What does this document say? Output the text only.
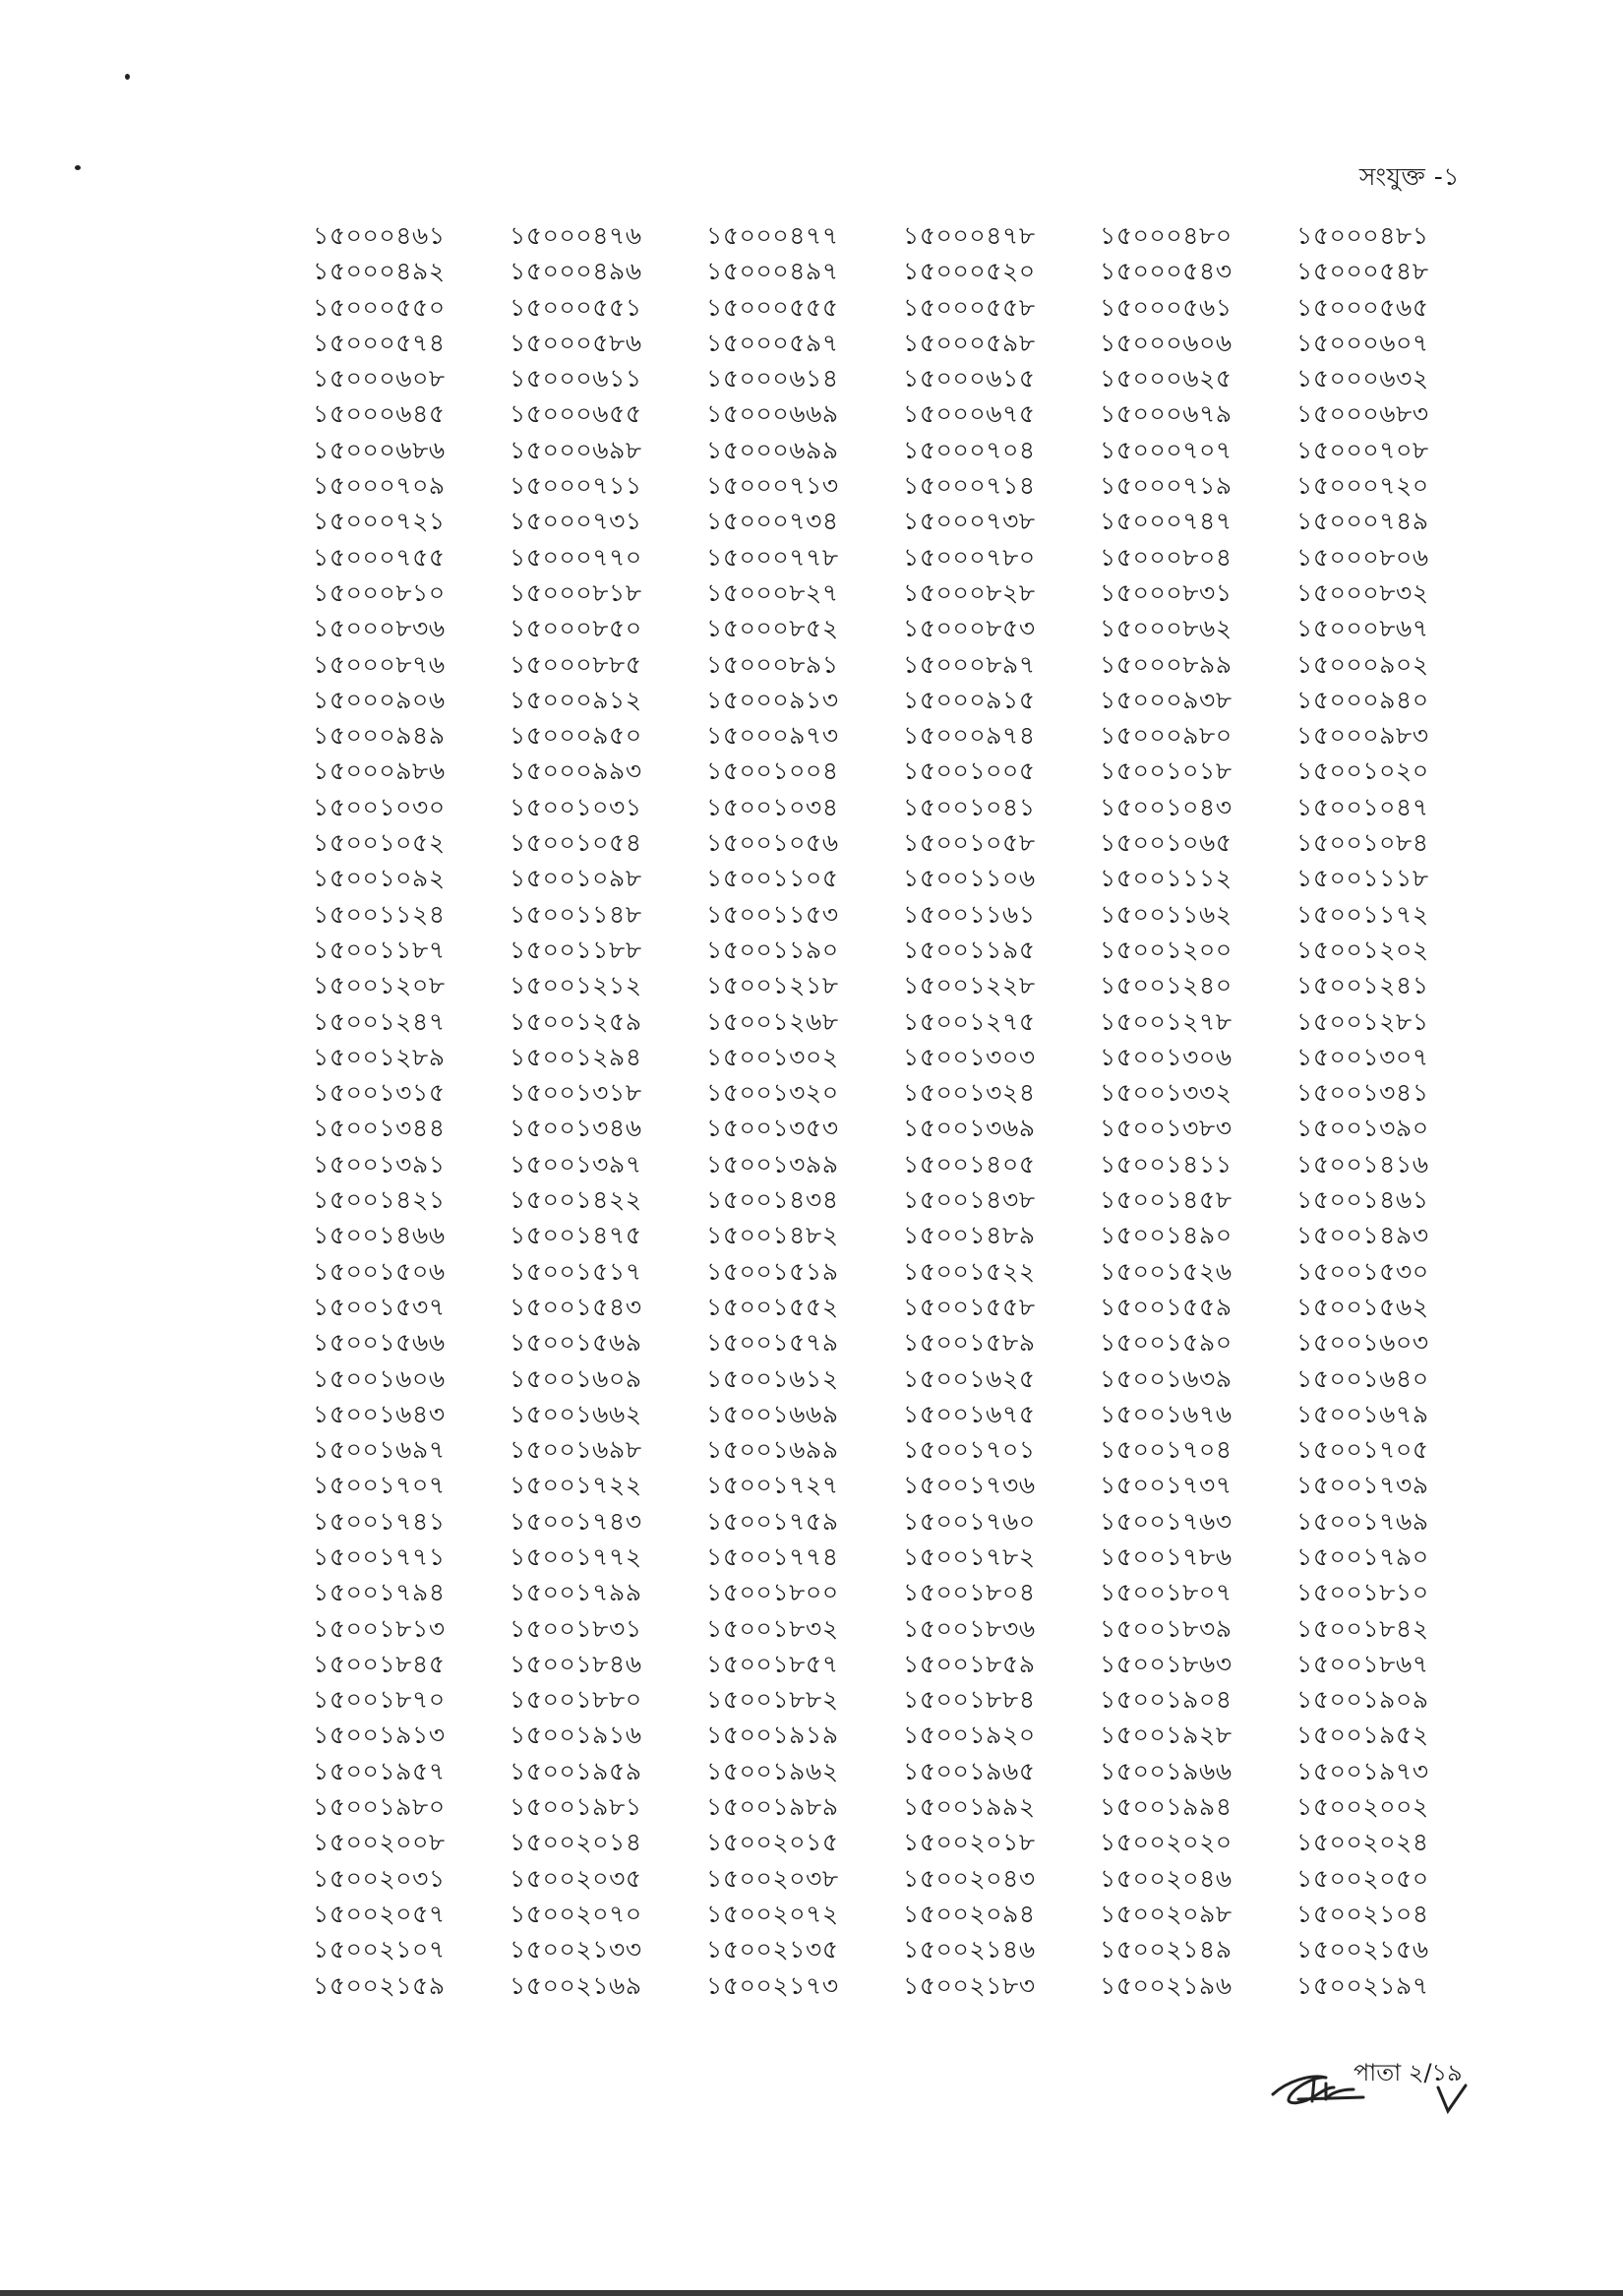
সংযুক্ত -১
১৫০০০৪৬১	১৫০০০৪৭৬	১৫০০০৪৭৭	১৫০০০৪৭৮	১৫০০০৪৮০	১৫০০০৪৮১
১৫০০০৪৯২	১৫০০০৪৯৬	১৫০০০৪৯৭	১৫০০০৫২০	১৫০০০৫৪৩	১৫০০০৫৪৮
১৫০০০৫৫০	১৫০০০৫৫১	১৫০০০৫৫৫	১৫০০০৫৫৮	১৫০০০৫৬১	১৫০০০৫৬৫
১৫০০০৫৭৪	১৫০০০৫৮৬	১৫০০০৫৯৭	১৫০০০৫৯৮	১৫০০০৬০৬	১৫০০০৬০৭
১৫০০০৬০৮	১৫০০০৬১১	১৫০০০৬১৪	১৫০০০৬১৫	১৫০০০৬২৫	১৫০০০৬৩২
১৫০০০৬৪৫	১৫০০০৬৫৫	১৫০০০৬৬৯	১৫০০০৬৭৫	১৫০০০৬৭৯	১৫০০০৬৮৩
১৫০০০৬৮৬	১৫০০০৬৯৮	১৫০০০৬৯৯	১৫০০০৭০৪	১৫০০০৭০৭	১৫০০০৭০৮
১৫০০০৭০৯	১৫০০০৭১১	১৫০০০৭১৩	১৫০০০৭১৪	১৫০০০৭১৯	১৫০০০৭২০
১৫০০০৭২১	১৫০০০৭৩১	১৫০০০৭৩৪	১৫০০০৭৩৮	১৫০০০৭৪৭	১৫০০০৭৪৯
১৫০০০৭৫৫	১৫০০০৭৭০	১৫০০০৭৭৮	১৫০০০৭৮০	১৫০০০৮০৪	১৫০০০৮০৬
১৫০০০৮১০	১৫০০০৮১৮	১৫০০০৮২৭	১৫০০০৮২৮	১৫০০০৮৩১	১৫০০০৮৩২
১৫০০০৮৩৬	১৫০০০৮৫০	১৫০০০৮৫২	১৫০০০৮৫৩	১৫০০০৮৬২	১৫০০০৮৬৭
১৫০০০৮৭৬	১৫০০০৮৮৫	১৫০০০৮৯১	১৫০০০৮৯৭	১৫০০০৮৯৯	১৫০০০৯০২
১৫০০০৯০৬	১৫০০০৯১২	১৫০০০৯১৩	১৫০০০৯১৫	১৫০০০৯৩৮	১৫০০০৯৪০
১৫০০০৯৪৯	১৫০০০৯৫০	১৫০০০৯৭৩	১৫০০০৯৭৪	১৫০০০৯৮০	১৫০০০৯৮৩
১৫০০০৯৮৬	১৫০০০৯৯৩	১৫০০১০০৪	১৫০০১০০৫	১৫০০১০১৮	১৫০০১০২০
১৫০০১০৩০	১৫০০১০৩১	১৫০০১০৩৪	১৫০০১০৪১	১৫০০১০৪৩	১৫০০১০৪৭
১৫০০১০৫২	১৫০০১০৫৪	১৫০০১০৫৬	১৫০০১০৫৮	১৫০০১০৬৫	১৫০০১০৮৪
১৫০০১০৯২	১৫০০১০৯৮	১৫০০১১০৫	১৫০০১১০৬	১৫০০১১১২	১৫০০১১১৮
১৫০০১১২৪	১৫০০১১৪৮	১৫০০১১৫৩	১৫০০১১৬১	১৫০০১১৬২	১৫০০১১৭২
১৫০০১১৮৭	১৫০০১১৮৮	১৫০০১১৯০	১৫০০১১৯৫	১৫০০১২০০	১৫০০১২০২
১৫০০১২০৮	১৫০০১২১২	১৫০০১২১৮	১৫০০১২২৮	১৫০০১২৪০	১৫০০১২৪১
১৫০০১২৪৭	১৫০০১২৫৯	১৫০০১২৬৮	১৫০০১২৭৫	১৫০০১২৭৮	১৫০০১২৮১
১৫০০১২৮৯	১৫০০১২৯৪	১৫০০১৩০২	১৫০০১৩০৩	১৫০০১৩০৬	১৫০০১৩০৭
১৫০০১৩১৫	১৫০০১৩১৮	১৫০০১৩২০	১৫০০১৩২৪	১৫০০১৩৩২	১৫০০১৩৪১
১৫০০১৩৪৪	১৫০০১৩৪৬	১৫০০১৩৫৩	১৫০০১৩৬৯	১৫০০১৩৮৩	১৫০০১৩৯০
১৫০০১৩৯১	১৫০০১৩৯৭	১৫০০১৩৯৯	১৫০০১৪০৫	১৫০০১৪১১	১৫০০১৪১৬
১৫০০১৪২১	১৫০০১৪২২	১৫০০১৪৩৪	১৫০০১৪৩৮	১৫০০১৪৫৮	১৫০০১৪৬১
১৫০০১৪৬৬	১৫০০১৪৭৫	১৫০০১৪৮২	১৫০০১৪৮৯	১৫০০১৪৯০	১৫০০১৪৯৩
১৫০০১৫০৬	১৫০০১৫১৭	১৫০০১৫১৯	১৫০০১৫২২	১৫০০১৫২৬	১৫০০১৫৩০
১৫০০১৫৩৭	১৫০০১৫৪৩	১৫০০১৫৫২	১৫০০১৫৫৮	১৫০০১৫৫৯	১৫০০১৫৬২
১৫০০১৫৬৬	১৫০০১৫৬৯	১৫০০১৫৭৯	১৫০০১৫৮৯	১৫০০১৫৯০	১৫০০১৬০৩
১৫০০১৬০৬	১৫০০১৬০৯	১৫০০১৬১২	১৫০০১৬২৫	১৫০০১৬৩৯	১৫০০১৬৪০
১৫০০১৬৪৩	১৫০০১৬৬২	১৫০০১৬৬৯	১৫০০১৬৭৫	১৫০০১৬৭৬	১৫০০১৬৭৯
১৫০০১৬৯৭	১৫০০১৬৯৮	১৫০০১৬৯৯	১৫০০১৭০১	১৫০০১৭০৪	১৫০০১৭০৫
১৫০০১৭০৭	১৫০০১৭২২	১৫০০১৭২৭	১৫০০১৭৩৬	১৫০০১৭৩৭	১৫০০১৭৩৯
১৫০০১৭৪১	১৫০০১৭৪৩	১৫০০১৭৫৯	১৫০০১৭৬০	১৫০০১৭৬৩	১৫০০১৭৬৯
১৫০০১৭৭১	১৫০০১৭৭২	১৫০০১৭৭৪	১৫০০১৭৮২	১৫০০১৭৮৬	১৫০০১৭৯০
১৫০০১৭৯৪	১৫০০১৭৯৯	১৫০০১৮০০	১৫০০১৮০৪	১৫০০১৮০৭	১৫০০১৮১০
১৫০০১৮১৩	১৫০০১৮৩১	১৫০০১৮৩২	১৫০০১৮৩৬	১৫০০১৮৩৯	১৫০০১৮৪২
১৫০০১৮৪৫	১৫০০১৮৪৬	১৫০০১৮৫৭	১৫০০১৮৫৯	১৫০০১৮৬৩	১৫০০১৮৬৭
১৫০০১৮৭০	১৫০০১৮৮০	১৫০০১৮৮২	১৫০০১৮৮৪	১৫০০১৯০৪	১৫০০১৯০৯
১৫০০১৯১৩	১৫০০১৯১৬	১৫০০১৯১৯	১৫০০১৯২০	১৫০০১৯২৮	১৫০০১৯৫২
১৫০০১৯৫৭	১৫০০১৯৫৯	১৫০০১৯৬২	১৫০০১৯৬৫	১৫০০১৯৬৬	১৫০০১৯৭৩
১৫০০১৯৮০	১৫০০১৯৮১	১৫০০১৯৮৯	১৫০০১৯৯২	১৫০০১৯৯৪	১৫০০২০০২
১৫০০২০০৮	১৫০০২০১৪	১৫০০২০১৫	১৫০০২০১৮	১৫০০২০২০	১৫০০২০২৪
১৫০০২০৩১	১৫০০২০৩৫	১৫০০২০৩৮	১৫০০২০৪৩	১৫০০২০৪৬	১৫০০২০৫০
১৫০০২০৫৭	১৫০০২০৭০	১৫০০২০৭২	১৫০০২০৯৪	১৫০০২০৯৮	১৫০০২১০৪
১৫০০২১০৭	১৫০০২১৩৩	১৫০০২১৩৫	১৫০০২১৪৬	১৫০০২১৪৯	১৫০০২১৫৬
১৫০০২১৫৯	১৫০০২১৬৯	১৫০০২১৭৩	১৫০০২১৮৩	১৫০০২১৯৬	১৫০০২১৯৭
পাতা ২/১৯
